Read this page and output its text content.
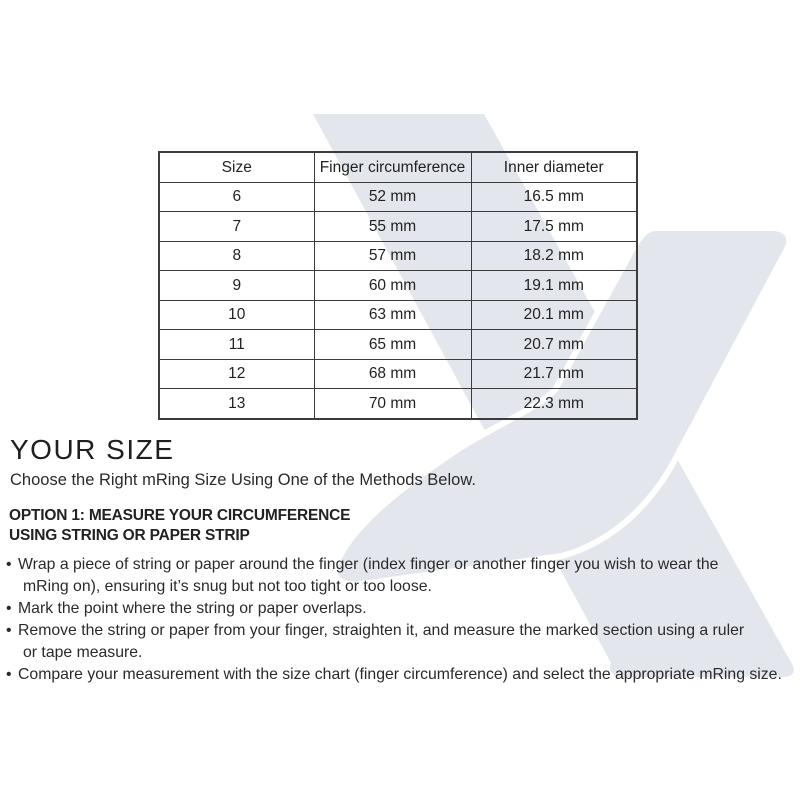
Size	Finger circumference	Inner diameter
6	52 mm	16.5 mm
7	55 mm	17.5 mm
8	57 mm	18.2 mm
9	60 mm	19.1 mm
10	63 mm	20.1 mm
11	65 mm	20.7 mm
12	68 mm	21.7 mm
13	70 mm	22.3 mm
YOUR SIZE

Choose the Right mRing Size Using One of the Methods Below.

OPTION 1: MEASURE YOUR CIRCUMFERENCE
USING STRING OR PAPER STRIP
• Wrap a piece of string or paper around the finger (index finger or another finger you wish to wear the
mRing on), ensuring it’s snug but not too tight or too loose.
• Mark the point where the string or paper overlaps.
• Remove the string or paper from your finger, straighten it, and measure the marked section using a ruler
or tape measure.
• Compare your measurement with the size chart (finger circumference) and select the appropriate mRing size.
